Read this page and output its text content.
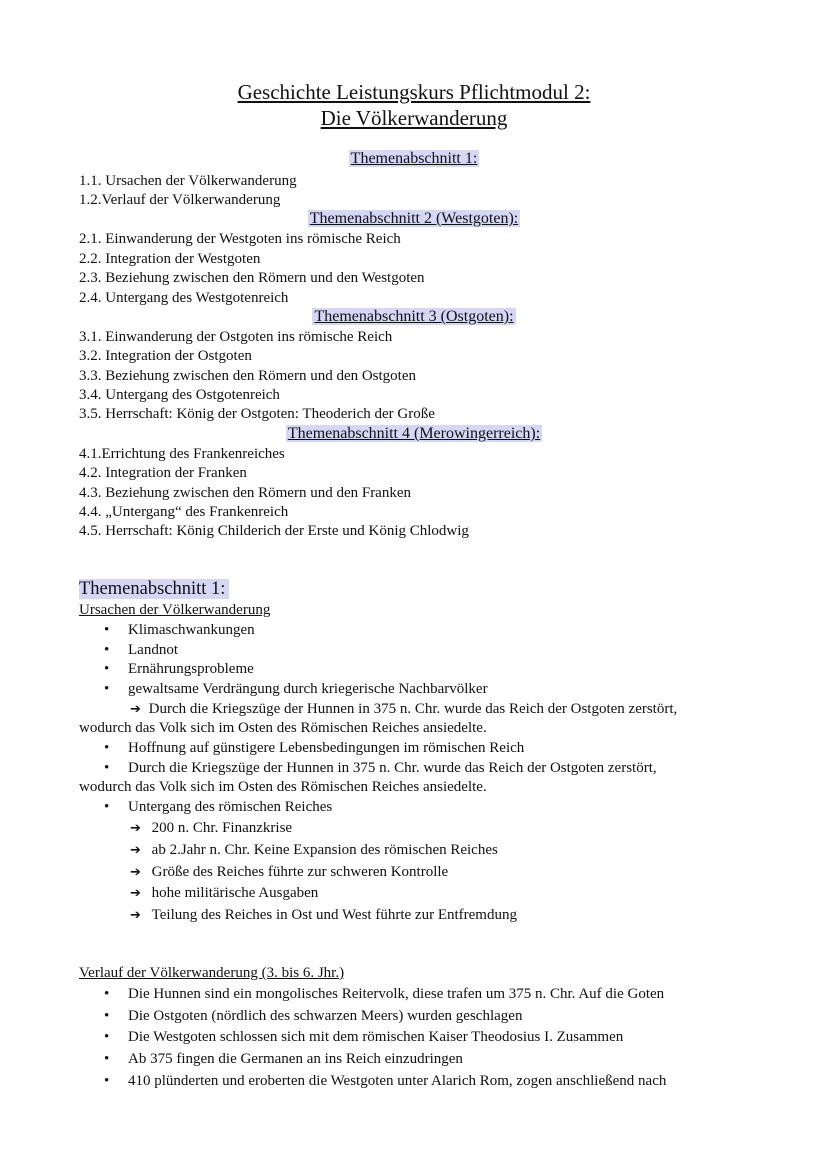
Geschichte Leistungskurs Pflichtmodul 2:
Die Völkerwanderung
Themenabschnitt 1:
1.1. Ursachen der Völkerwanderung
1.2.Verlauf der Völkerwanderung
Themenabschnitt 2 (Westgoten):
2.1. Einwanderung der Westgoten ins römische Reich
2.2. Integration der Westgoten
2.3. Beziehung zwischen den Römern und den Westgoten
2.4. Untergang des Westgotenreich
Themenabschnitt 3 (Ostgoten):
3.1. Einwanderung der Ostgoten ins römische Reich
3.2. Integration der Ostgoten
3.3. Beziehung zwischen den Römern und den Ostgoten
3.4. Untergang des Ostgotenreich
3.5. Herrschaft: König der Ostgoten: Theoderich der Große
Themenabschnitt 4 (Merowingerreich):
4.1.Errichtung des Frankenreiches
4.2. Integration der Franken
4.3. Beziehung zwischen den Römern und den Franken
4.4. „Untergang“ des Frankenreich
4.5. Herrschaft: König Childerich der Erste und König Chlodwig
Themenabschnitt 1:
Ursachen der Völkerwanderung
• Klimaschwankungen
• Landnot
• Ernährungsprobleme
• gewaltsame Verdrängung durch kriegerische Nachbarvölker
➔ Durch die Kriegszüge der Hunnen in 375 n. Chr. wurde das Reich der Ostgoten zerstört,
wodurch das Volk sich im Osten des Römischen Reiches ansiedelte.
• Hoffnung auf günstigere Lebensbedingungen im römischen Reich
• Durch die Kriegszüge der Hunnen in 375 n. Chr. wurde das Reich der Ostgoten zerstört,
wodurch das Volk sich im Osten des Römischen Reiches ansiedelte.
• Untergang des römischen Reiches
➔ 200 n. Chr. Finanzkrise
➔ ab 2.Jahr n. Chr. Keine Expansion des römischen Reiches
➔ Größe des Reiches führte zur schweren Kontrolle
➔ hohe militärische Ausgaben
➔ Teilung des Reiches in Ost und West führte zur Entfremdung
Verlauf der Völkerwanderung (3. bis 6. Jhr.)
• Die Hunnen sind ein mongolisches Reitervolk, diese trafen um 375 n. Chr. Auf die Goten
• Die Ostgoten (nördlich des schwarzen Meers) wurden geschlagen
• Die Westgoten schlossen sich mit dem römischen Kaiser Theodosius I. Zusammen
• Ab 375 fingen die Germanen an ins Reich einzudringen
• 410 plünderten und eroberten die Westgoten unter Alarich Rom, zogen anschließend nach
